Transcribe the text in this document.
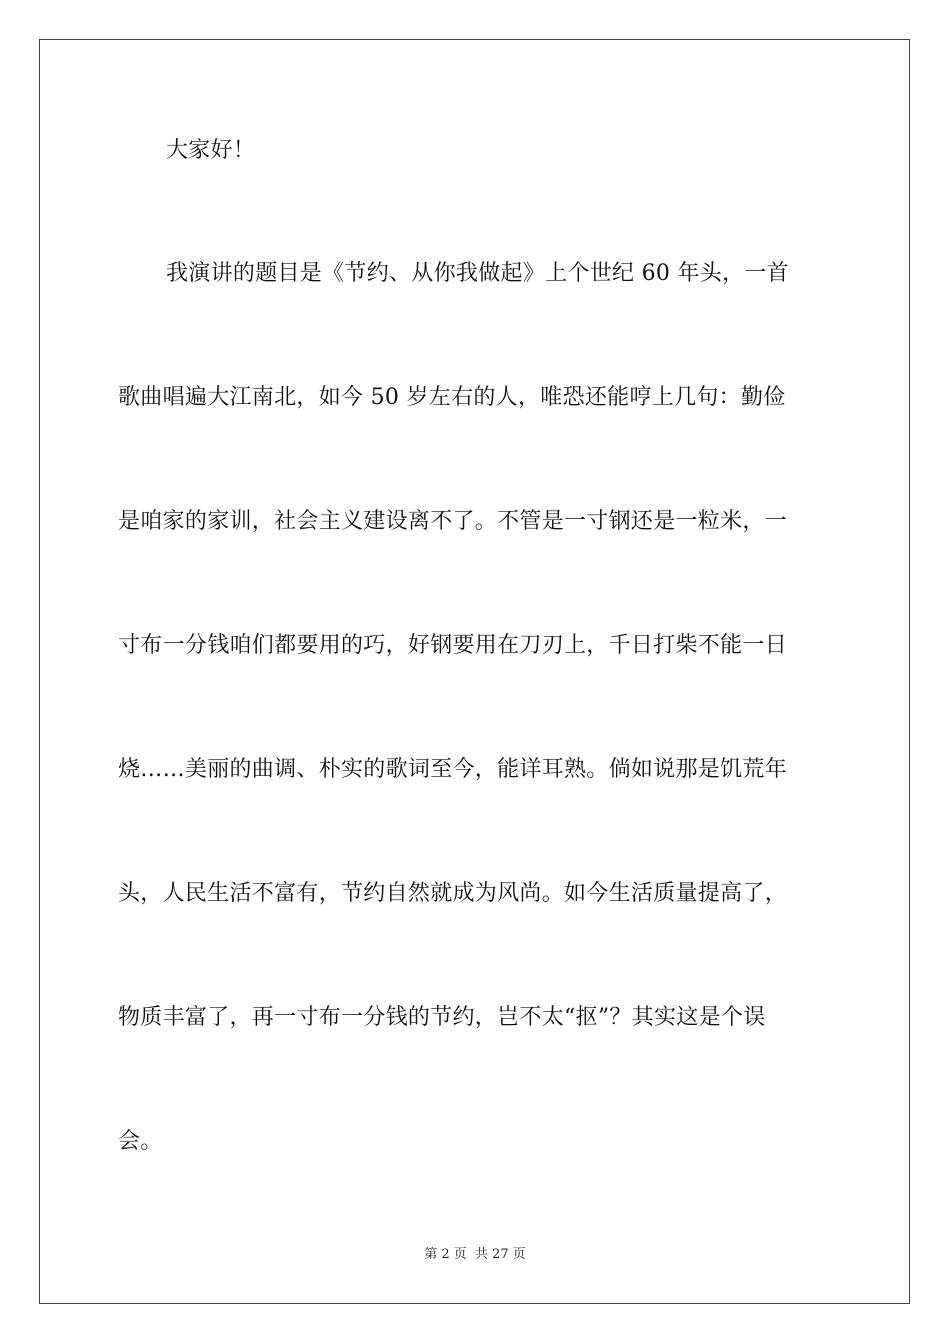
大家好！
我演讲的题目是《节约、从你我做起》上个世纪 60 年头，一首
歌曲唱遍大江南北，如今 50 岁左右的人，唯恐还能哼上几句：勤俭
是咱家的家训，社会主义建设离不了。不管是一寸钢还是一粒米，一
寸布一分钱咱们都要用的巧，好钢要用在刀刃上，千日打柴不能一日
烧……美丽的曲调、朴实的歌词至今，能详耳熟。倘如说那是饥荒年
头，人民生活不富有，节约自然就成为风尚。如今生活质量提高了，
物质丰富了，再一寸布一分钱的节约，岂不太“抠”？其实这是个误
会。
第 2 页 共 27 页
